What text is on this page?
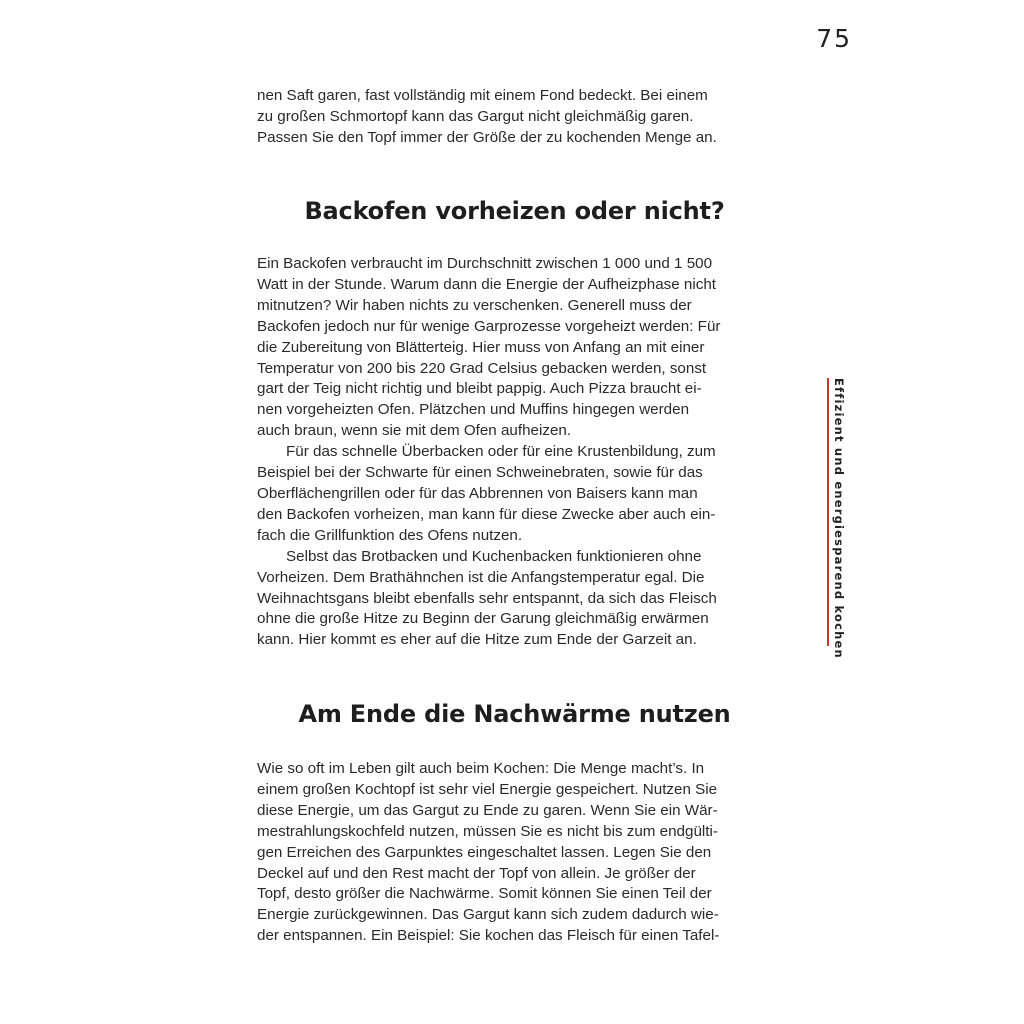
75
nen Saft garen, fast vollständig mit einem Fond bedeckt. Bei einem
zu großen Schmortopf kann das Gargut nicht gleichmäßig garen.
Passen Sie den Topf immer der Größe der zu kochenden Menge an.
Backofen vorheizen oder nicht?
Ein Backofen verbraucht im Durchschnitt zwischen 1 000 und 1 500
Watt in der Stunde. Warum dann die Energie der Aufheizphase nicht
mitnutzen? Wir haben nichts zu verschenken. Generell muss der
Backofen jedoch nur für wenige Garprozesse vorgeheizt werden: Für
die Zubereitung von Blätterteig. Hier muss von Anfang an mit einer
Temperatur von 200 bis 220 Grad Celsius gebacken werden, sonst
gart der Teig nicht richtig und bleibt pappig. Auch Pizza braucht ei-
nen vorgeheizten Ofen. Plätzchen und Muffins hingegen werden
auch braun, wenn sie mit dem Ofen aufheizen.
Für das schnelle Überbacken oder für eine Krustenbildung, zum
Beispiel bei der Schwarte für einen Schweinebraten, sowie für das
Oberflächengrillen oder für das Abbrennen von Baisers kann man
den Backofen vorheizen, man kann für diese Zwecke aber auch ein-
fach die Grillfunktion des Ofens nutzen.
Selbst das Brotbacken und Kuchenbacken funktionieren ohne
Vorheizen. Dem Brathähnchen ist die Anfangstemperatur egal. Die
Weihnachtsgans bleibt ebenfalls sehr entspannt, da sich das Fleisch
ohne die große Hitze zu Beginn der Garung gleichmäßig erwärmen
kann. Hier kommt es eher auf die Hitze zum Ende der Garzeit an.
Am Ende die Nachwärme nutzen
Wie so oft im Leben gilt auch beim Kochen: Die Menge macht’s. In
einem großen Kochtopf ist sehr viel Energie gespeichert. Nutzen Sie
diese Energie, um das Gargut zu Ende zu garen. Wenn Sie ein Wär-
mestrahlungskochfeld nutzen, müssen Sie es nicht bis zum endgülti-
gen Erreichen des Garpunktes eingeschaltet lassen. Legen Sie den
Deckel auf und den Rest macht der Topf von allein. Je größer der
Topf, desto größer die Nachwärme. Somit können Sie einen Teil der
Energie zurückgewinnen. Das Gargut kann sich zudem dadurch wie-
der entspannen. Ein Beispiel: Sie kochen das Fleisch für einen Tafel-
Effizient und energiesparend kochen
